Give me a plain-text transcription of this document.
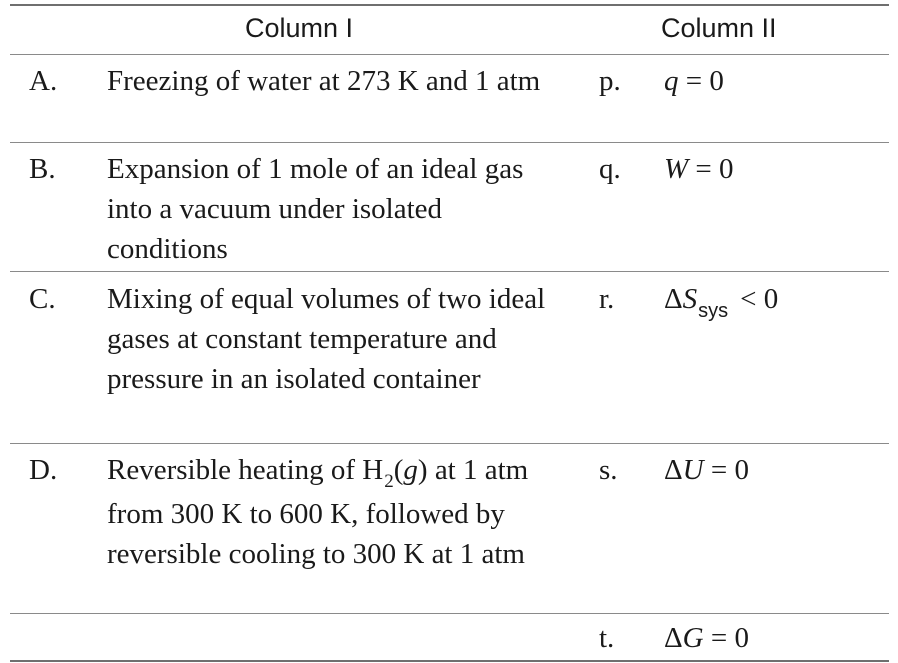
Column I	Column II
A. Freezing of water at 273 K and 1 atm	p. q = 0
B. Expansion of 1 mole of an ideal gas into a vacuum under isolated conditions
q. W = 0
C. Mixing of equal volumes of two ideal gases at constant temperature and pressure in an isolated container
r. $\Delta S_{sys} < 0$
D. Reversible heating of $H_2(g)$ at 1 atm from 300 K to 600 K, followed by reversible cooling to 300 K at 1 atm
s. ΔU = 0
t. ΔG = 0
